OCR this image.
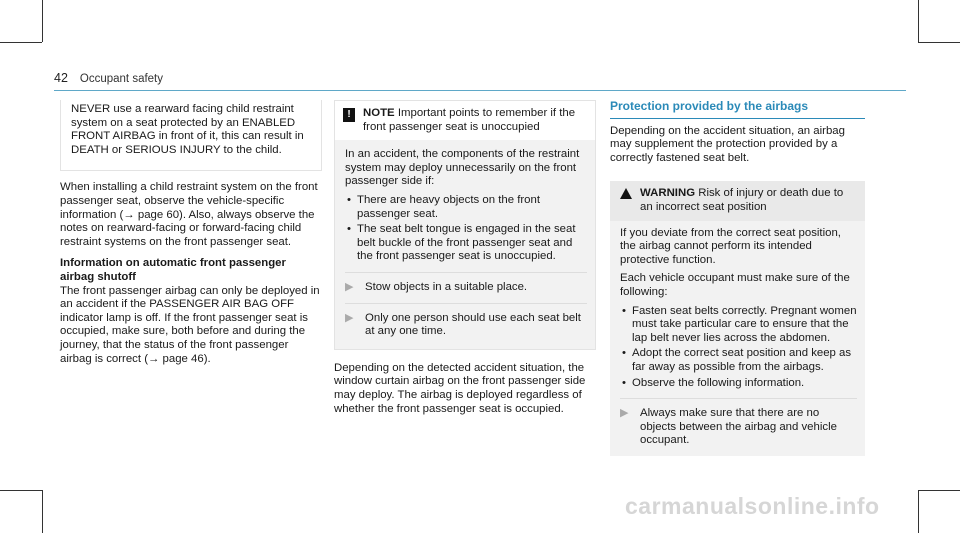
42 Occupant safety

NEVER use a rearward facing child restraint system on a seat protected by an ENABLED FRONT AIRBAG in front of it, this can result in DEATH or SERIOUS INJURY to the child.

When installing a child restraint system on the front passenger seat, observe the vehicle-specific information (→ page 60). Also, always observe the notes on rearward-facing or forward-facing child restraint systems on the front passenger seat.

Information on automatic front passenger airbag shutoff

The front passenger airbag can only be deployed in an accident if the PASSENGER AIR BAG OFF indicator lamp is off. If the front passenger seat is occupied, make sure, both before and during the journey, that the status of the front passenger airbag is correct (→ page 46).

!	NOTE Important points to remember if the front passenger seat is unoccupied

In an accident, the components of the restraint system may deploy unnecessarily on the front passenger side if:

• There are heavy objects on the front passenger seat.
• The seat belt tongue is engaged in the seat belt buckle of the front passenger seat and the front passenger seat is unoccupied.
▶ Stow objects in a suitable place.
▶ Only one person should use each seat belt at any one time.

Depending on the detected accident situation, the window curtain airbag on the front passenger side may deploy. The airbag is deployed regardless of whether the front passenger seat is occupied.

Protection provided by the airbags

Depending on the accident situation, an airbag may supplement the protection provided by a correctly fastened seat belt.

WARNING Risk of injury or death due to an incorrect seat position

If you deviate from the correct seat position, the airbag cannot perform its intended protective function.

Each vehicle occupant must make sure of the following:

• Fasten seat belts correctly. Pregnant women must take particular care to ensure that the lap belt never lies across the abdomen.
• Adopt the correct seat position and keep as far away as possible from the airbags.
• Observe the following information.
▶ Always make sure that there are no objects between the airbag and vehicle occupant.
carmanualsonline.info
